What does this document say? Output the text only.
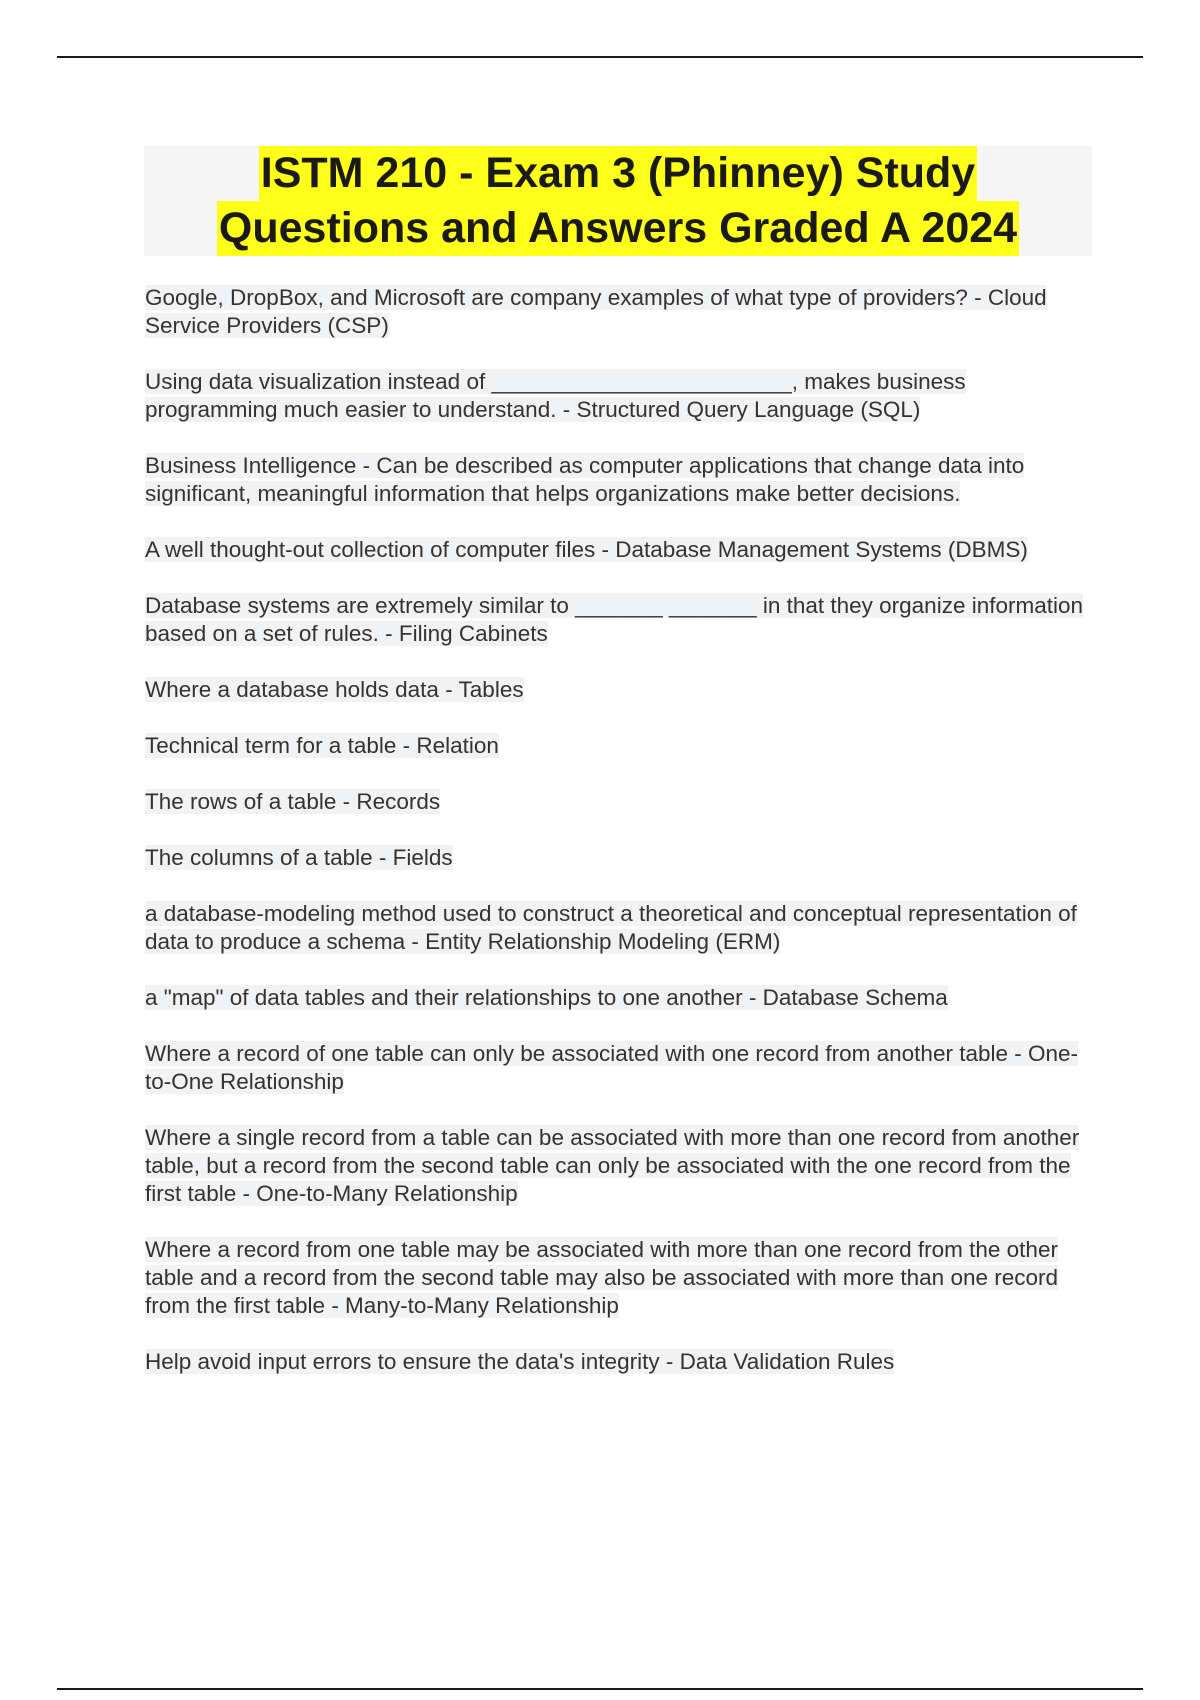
ISTM 210 - Exam 3 (Phinney) Study
Questions and Answers Graded A 2024
Google, DropBox, and Microsoft are company examples of what type of providers? - Cloud Service Providers (CSP)
Using data visualization instead of ________________________, makes business programming much easier to understand. - Structured Query Language (SQL)
Business Intelligence - Can be described as computer applications that change data into significant, meaningful information that helps organizations make better decisions.
A well thought-out collection of computer files - Database Management Systems (DBMS)
Database systems are extremely similar to _______ _______ in that they organize information based on a set of rules. - Filing Cabinets
Where a database holds data - Tables
Technical term for a table - Relation
The rows of a table - Records
The columns of a table - Fields
a database-modeling method used to construct a theoretical and conceptual representation of data to produce a schema - Entity Relationship Modeling (ERM)
a "map" of data tables and their relationships to one another - Database Schema
Where a record of one table can only be associated with one record from another table - One-to-One Relationship
Where a single record from a table can be associated with more than one record from another table, but a record from the second table can only be associated with the one record from the first table - One-to-Many Relationship
Where a record from one table may be associated with more than one record from the other table and a record from the second table may also be associated with more than one record from the first table - Many-to-Many Relationship
Help avoid input errors to ensure the data's integrity - Data Validation Rules
